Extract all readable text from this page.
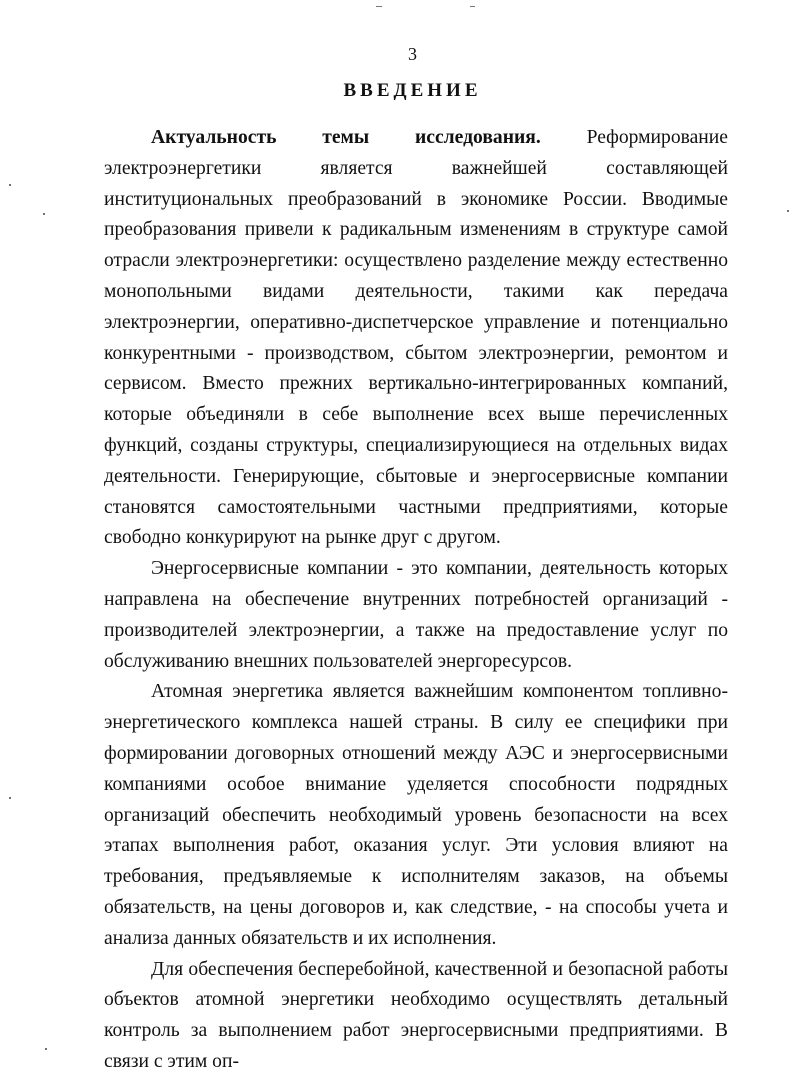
3
ВВЕДЕНИЕ

Актуальность темы исследования. Реформирование электроэнергетики является важнейшей составляющей институциональных преобразований в экономике России. Вводимые преобразования привели к радикальным изменениям в структуре самой отрасли электроэнергетики: осуществлено разделение между естественно монопольными видами деятельности, такими как передача электроэнергии, оперативно-диспетчерское управление и потенциально конкурентными - производством, сбытом электроэнергии, ремонтом и сервисом. Вместо прежних вертикально-интегрированных компаний, которые объединяли в себе выполнение всех выше перечисленных функций, созданы структуры, специализирующиеся на отдельных видах деятельности. Генерирующие, сбытовые и энергосервисные компании становятся самостоятельными частными предприятиями, которые свободно конкурируют на рынке друг с другом.

Энергосервисные компании - это компании, деятельность которых направлена на обеспечение внутренних потребностей организаций - производителей электроэнергии, а также на предоставление услуг по обслуживанию внешних пользователей энергоресурсов.

Атомная энергетика является важнейшим компонентом топливно-энергетического комплекса нашей страны. В силу ее специфики при формировании договорных отношений между АЭС и энергосервисными компаниями особое внимание уделяется способности подрядных организаций обеспечить необходимый уровень безопасности на всех этапах выполнения работ, оказания услуг. Эти условия влияют на требования, предъявляемые к исполнителям заказов, на объемы обязательств, на цены договоров и, как следствие, - на способы учета и анализа данных обязательств и их исполнения.

Для обеспечения бесперебойной, качественной и безопасной работы объектов атомной энергетики необходимо осуществлять детальный контроль за выполнением работ энергосервисными предприятиями. В связи с этим оп-
